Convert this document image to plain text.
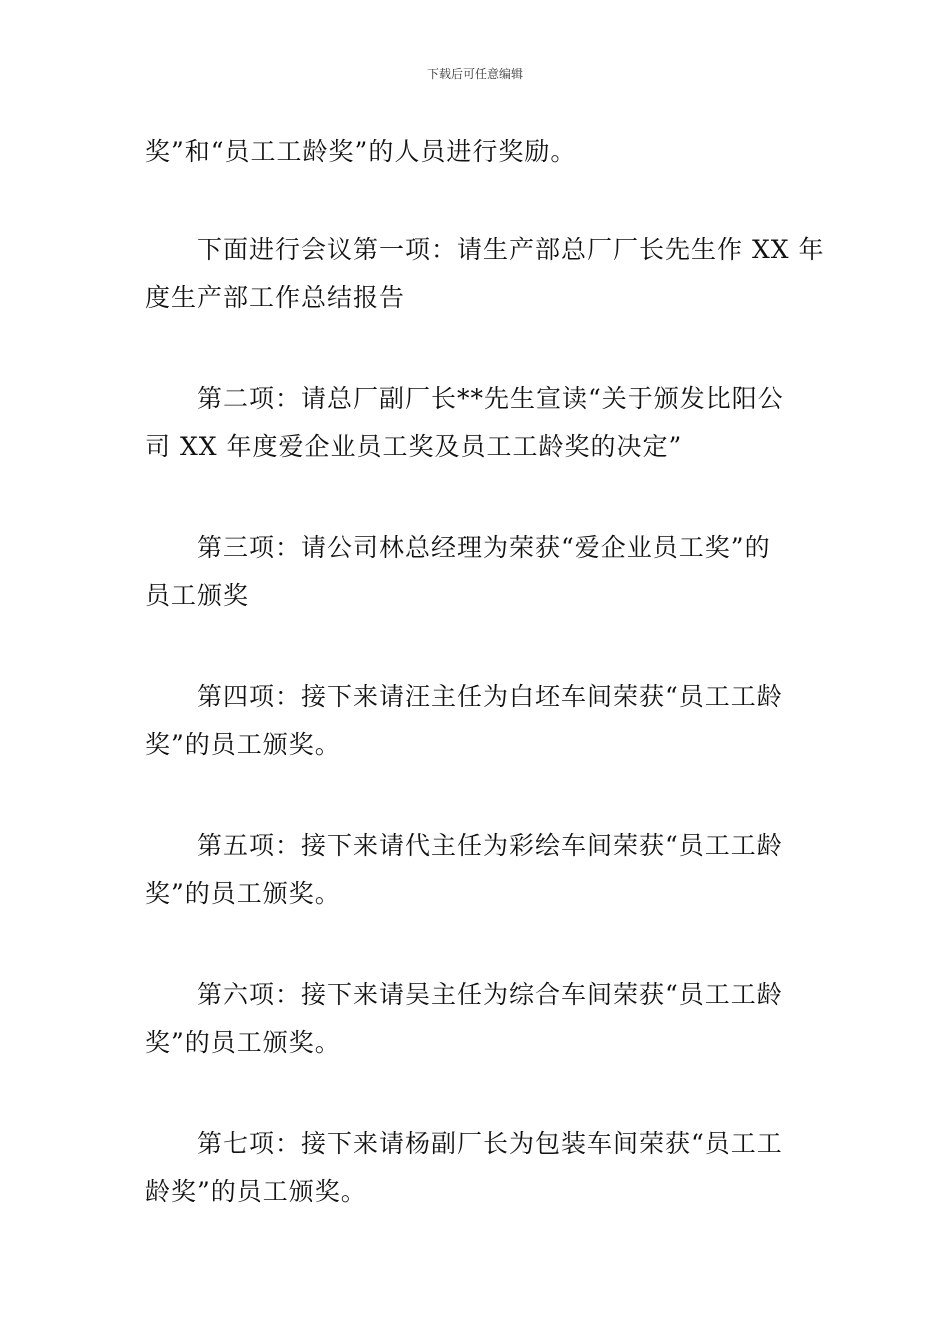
下载后可任意编辑

奖”和“员工工龄奖”的人员进行奖励。

下面进行会议第一项：请生产部总厂厂长先生作 XX 年
度生产部工作总结报告

第二项：请总厂副厂长**先生宣读“关于颁发比阳公
司 XX 年度爱企业员工奖及员工工龄奖的决定”

第三项：请公司林总经理为荣获“爱企业员工奖”的
员工颁奖

第四项：接下来请汪主任为白坯车间荣获“员工工龄
奖”的员工颁奖。

第五项：接下来请代主任为彩绘车间荣获“员工工龄
奖”的员工颁奖。

第六项：接下来请吴主任为综合车间荣获“员工工龄
奖”的员工颁奖。

第七项：接下来请杨副厂长为包装车间荣获“员工工
龄奖”的员工颁奖。
